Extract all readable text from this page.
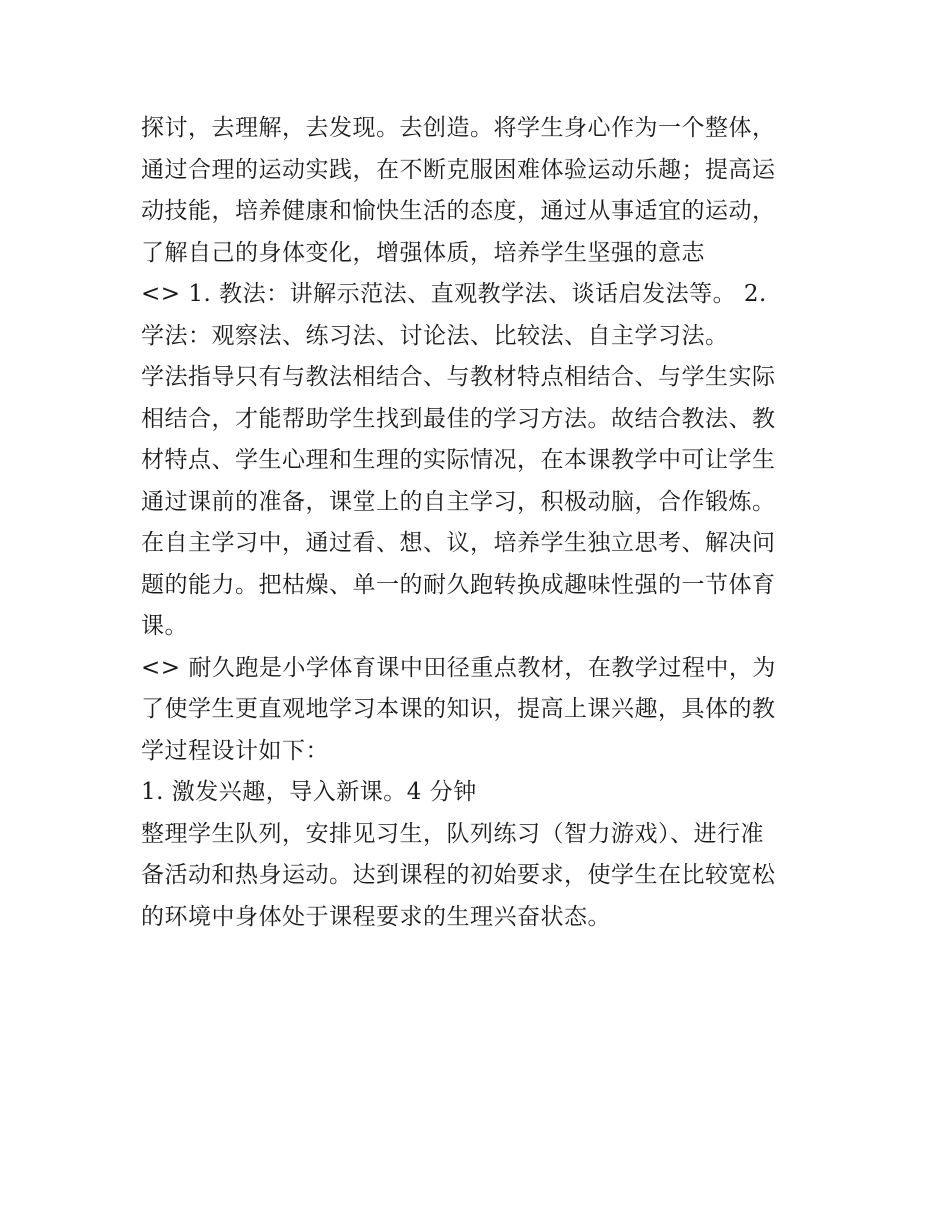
探讨，去理解，去发现。去创造。将学生身心作为一个整体，
通过合理的运动实践，在不断克服困难体验运动乐趣；提高运
动技能，培养健康和愉快生活的态度，通过从事适宜的运动，
了解自己的身体变化，增强体质，培养学生坚强的意志
<> 1. 教法：讲解示范法、直观教学法、谈话启发法等。 2.
学法：观察法、练习法、讨论法、比较法、自主学习法。
学法指导只有与教法相结合、与教材特点相结合、与学生实际
相结合，才能帮助学生找到最佳的学习方法。故结合教法、教
材特点、学生心理和生理的实际情况，在本课教学中可让学生
通过课前的准备，课堂上的自主学习，积极动脑，合作锻炼。
在自主学习中，通过看、想、议，培养学生独立思考、解决问
题的能力。把枯燥、单一的耐久跑转换成趣味性强的一节体育
课。
<> 耐久跑是小学体育课中田径重点教材，在教学过程中，为
了使学生更直观地学习本课的知识，提高上课兴趣，具体的教
学过程设计如下：
1. 激发兴趣，导入新课。4 分钟
整理学生队列，安排见习生，队列练习（智力游戏）、进行准
备活动和热身运动。达到课程的初始要求，使学生在比较宽松
的环境中身体处于课程要求的生理兴奋状态。
